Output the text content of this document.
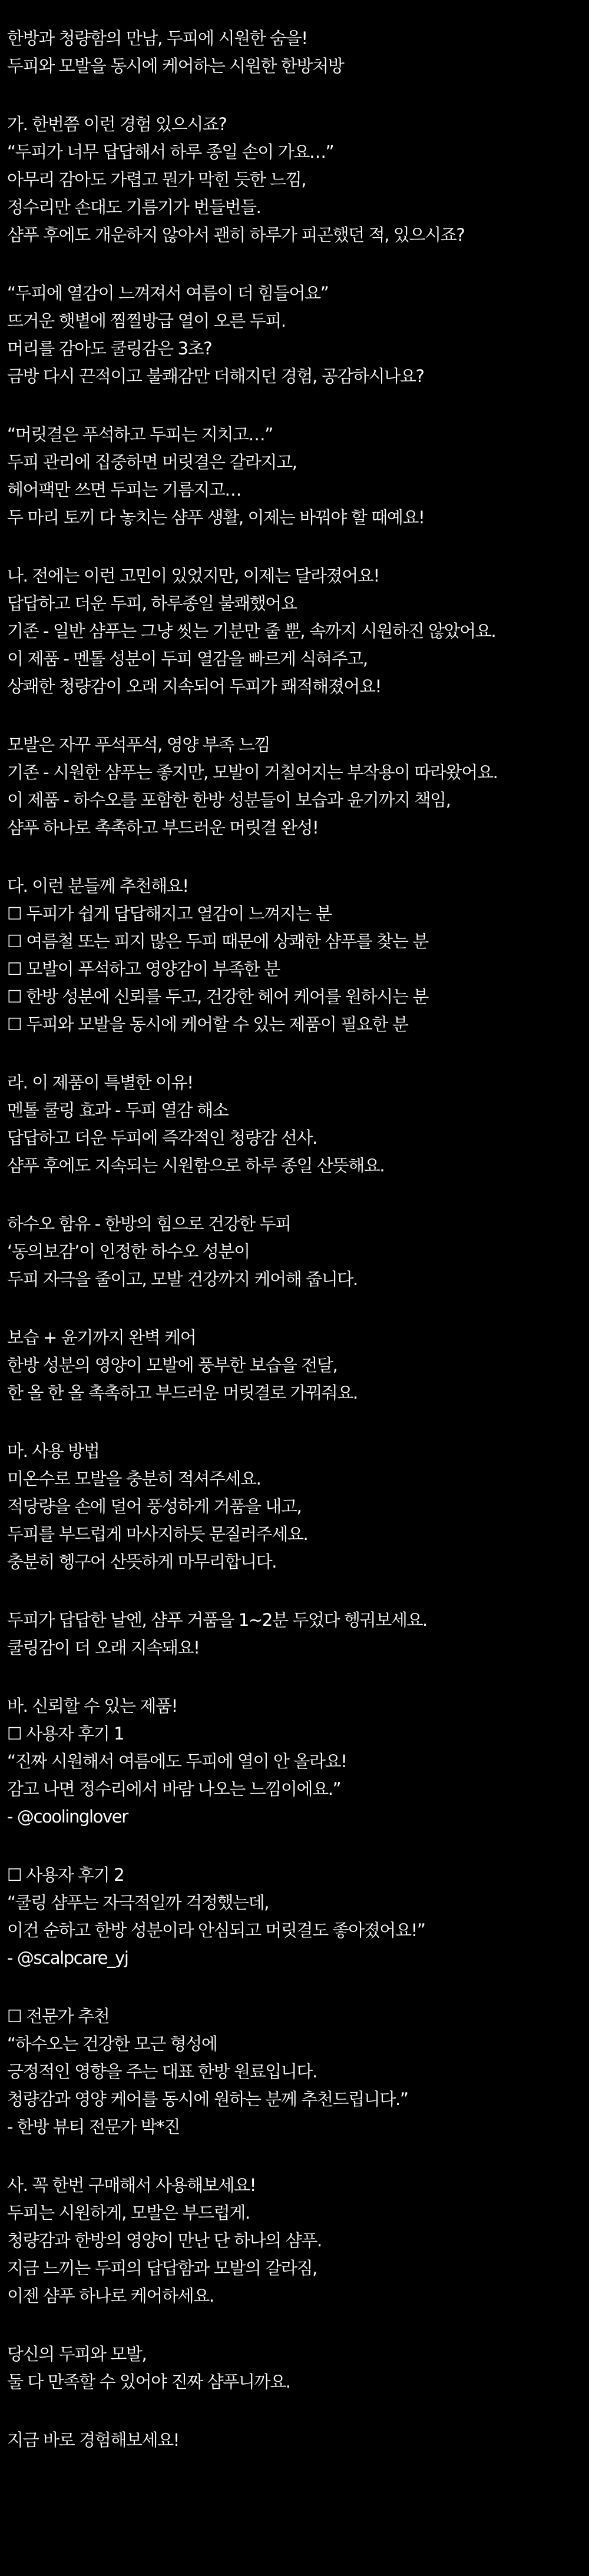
한방과 청량함의 만남, 두피에 시원한 숨을!
두피와 모발을 동시에 케어하는 시원한 한방처방
가. 한번쯤 이런 경험 있으시죠?
“두피가 너무 답답해서 하루 종일 손이 가요…”
아무리 감아도 가렵고 뭔가 막힌 듯한 느낌,
정수리만 손대도 기름기가 번들번들.
샴푸 후에도 개운하지 않아서 괜히 하루가 피곤했던 적, 있으시죠?
“두피에 열감이 느껴져서 여름이 더 힘들어요”
뜨거운 햇볕에 찜찔방급 열이 오른 두피.
머리를 감아도 쿨링감은 3초?
금방 다시 끈적이고 불쾌감만 더해지던 경험, 공감하시나요?
“머릿결은 푸석하고 두피는 지치고…”
두피 관리에 집중하면 머릿결은 갈라지고,
헤어팩만 쓰면 두피는 기름지고…
두 마리 토끼 다 놓치는 샴푸 생활, 이제는 바꿔야 할 때예요!
나. 전에는 이런 고민이 있었지만, 이제는 달라졌어요!
답답하고 더운 두피, 하루종일 불쾌했어요
기존 - 일반 샴푸는 그냥 씻는 기분만 줄 뿐, 속까지 시원하진 않았어요.
이 제품 - 멘톨 성분이 두피 열감을 빠르게 식혀주고,
상쾌한 청량감이 오래 지속되어 두피가 쾌적해졌어요!
모발은 자꾸 푸석푸석, 영양 부족 느낌
기존 - 시원한 샴푸는 좋지만, 모발이 거칠어지는 부작용이 따라왔어요.
이 제품 - 하수오를 포함한 한방 성분들이 보습과 윤기까지 책임,
샴푸 하나로 촉촉하고 부드러운 머릿결 완성!
다. 이런 분들께 추천해요!
☐ 두피가 쉽게 답답해지고 열감이 느껴지는 분
☐ 여름철 또는 피지 많은 두피 때문에 상쾌한 샴푸를 찾는 분
☐ 모발이 푸석하고 영양감이 부족한 분
☐ 한방 성분에 신뢰를 두고, 건강한 헤어 케어를 원하시는 분
☐ 두피와 모발을 동시에 케어할 수 있는 제품이 필요한 분
라. 이 제품이 특별한 이유!
멘톨 쿨링 효과 - 두피 열감 해소
답답하고 더운 두피에 즉각적인 청량감 선사.
샴푸 후에도 지속되는 시원함으로 하루 종일 산뜻해요.
하수오 함유 - 한방의 힘으로 건강한 두피
‘동의보감’이 인정한 하수오 성분이
두피 자극을 줄이고, 모발 건강까지 케어해 줍니다.
보습 + 윤기까지 완벽 케어
한방 성분의 영양이 모발에 풍부한 보습을 전달,
한 올 한 올 촉촉하고 부드러운 머릿결로 가꿔줘요.
마. 사용 방법
미온수로 모발을 충분히 적셔주세요.
적당량을 손에 덜어 풍성하게 거품을 내고,
두피를 부드럽게 마사지하듯 문질러주세요.
충분히 헹구어 산뜻하게 마무리합니다.
두피가 답답한 날엔, 샴푸 거품을 1~2분 두었다 헹궈보세요.
쿨링감이 더 오래 지속돼요!
바. 신뢰할 수 있는 제품!
☐ 사용자 후기 1
“진짜 시원해서 여름에도 두피에 열이 안 올라요!
감고 나면 정수리에서 바람 나오는 느낌이에요.”
- @coolinglover
☐ 사용자 후기 2
“쿨링 샴푸는 자극적일까 걱정했는데,
이건 순하고 한방 성분이라 안심되고 머릿결도 좋아졌어요!”
- @scalpcare_yj
☐ 전문가 추천
“하수오는 건강한 모근 형성에
긍정적인 영향을 주는 대표 한방 원료입니다.
청량감과 영양 케어를 동시에 원하는 분께 추천드립니다.”
- 한방 뷰티 전문가 박*진
사. 꼭 한번 구매해서 사용해보세요!
두피는 시원하게, 모발은 부드럽게.
청량감과 한방의 영양이 만난 단 하나의 샴푸.
지금 느끼는 두피의 답답함과 모발의 갈라짐,
이젠 샴푸 하나로 케어하세요.
당신의 두피와 모발,
둘 다 만족할 수 있어야 진짜 샴푸니까요.
지금 바로 경험해보세요!
